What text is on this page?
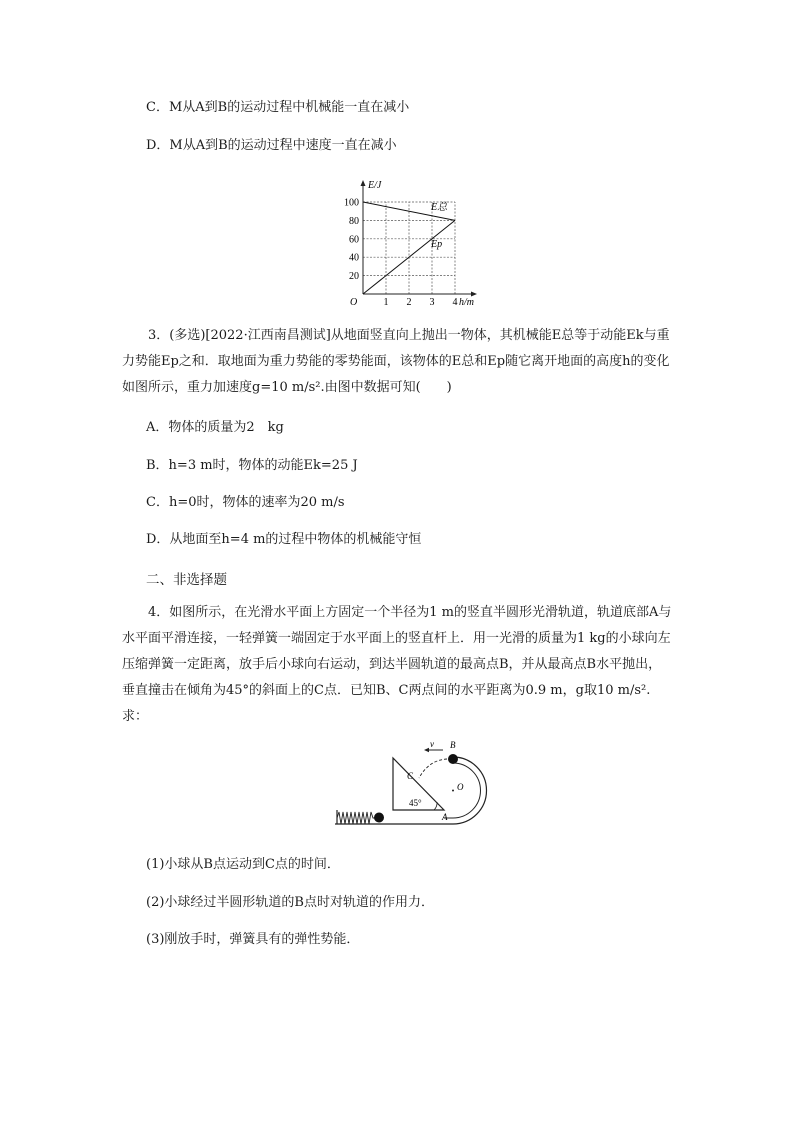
C．M从A到B的运动过程中机械能一直在减小
D．M从A到B的运动过程中速度一直在减小
100
80
60
40
20
1 2 3 4
E/J
h/m
O
E总
Ep
3．(多选)[2022·江西南昌测试]从地面竖直向上抛出一物体，其机械能E总等于动能Ek与重力势能Ep之和．取地面为重力势能的零势能面，该物体的E总和Ep随它离开地面的高度h的变化如图所示，重力加速度g=10 m/s².由图中数据可知(　　)
A．物体的质量为2　kg
B．h=3 m时，物体的动能Ek=25 J
C．h=0时，物体的速率为20 m/s
D．从地面至h=4 m的过程中物体的机械能守恒
二、非选择题
4．如图所示，在光滑水平面上方固定一个半径为1 m的竖直半圆形光滑轨道，轨道底部A与水平面平滑连接，一轻弹簧一端固定于水平面上的竖直杆上．用一光滑的质量为1 kg的小球向左压缩弹簧一定距离，放手后小球向右运动，到达半圆轨道的最高点B，并从最高点B水平抛出，垂直撞击在倾角为45°的斜面上的C点．已知B、C两点间的水平距离为0.9 m，g取10 m/s².求：
v B
C
O
A
45°
(1)小球从B点运动到C点的时间．
(2)小球经过半圆形轨道的B点时对轨道的作用力．
(3)刚放手时，弹簧具有的弹性势能．
